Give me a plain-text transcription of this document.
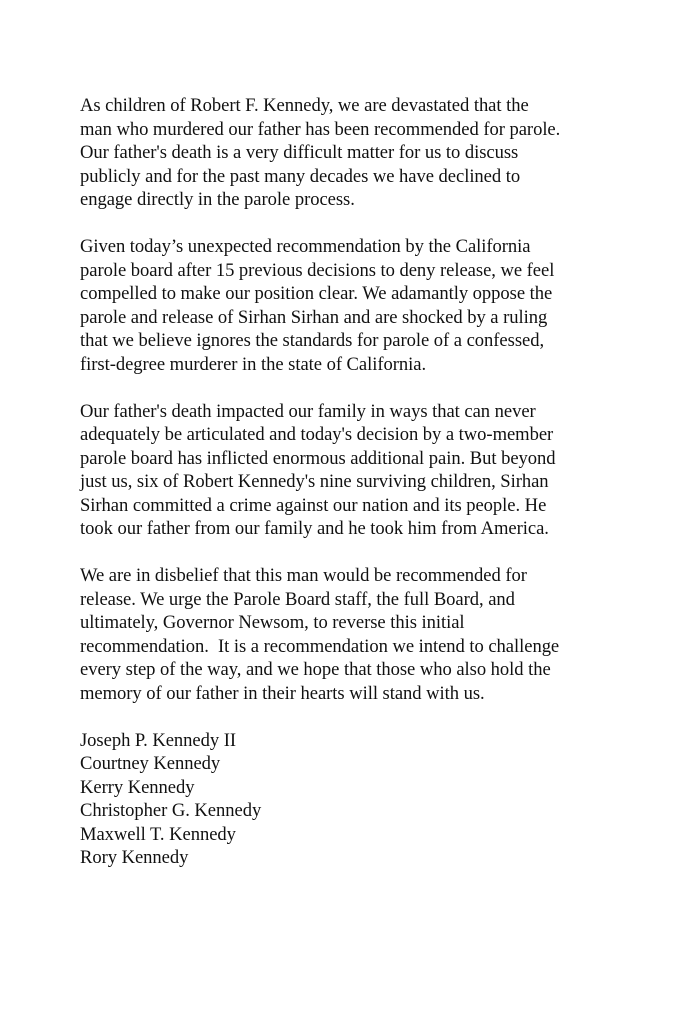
As children of Robert F. Kennedy, we are devastated that the
man who murdered our father has been recommended for parole.
Our father's death is a very difficult matter for us to discuss
publicly and for the past many decades we have declined to
engage directly in the parole process.

Given today’s unexpected recommendation by the California
parole board after 15 previous decisions to deny release, we feel
compelled to make our position clear. We adamantly oppose the
parole and release of Sirhan Sirhan and are shocked by a ruling
that we believe ignores the standards for parole of a confessed,
first-degree murderer in the state of California.

Our father's death impacted our family in ways that can never
adequately be articulated and today's decision by a two-member
parole board has inflicted enormous additional pain. But beyond
just us, six of Robert Kennedy's nine surviving children, Sirhan
Sirhan committed a crime against our nation and its people. He
took our father from our family and he took him from America.

We are in disbelief that this man would be recommended for
release. We urge the Parole Board staff, the full Board, and
ultimately, Governor Newsom, to reverse this initial
recommendation.  It is a recommendation we intend to challenge
every step of the way, and we hope that those who also hold the
memory of our father in their hearts will stand with us.

Joseph P. Kennedy II
Courtney Kennedy
Kerry Kennedy
Christopher G. Kennedy
Maxwell T. Kennedy
Rory Kennedy
